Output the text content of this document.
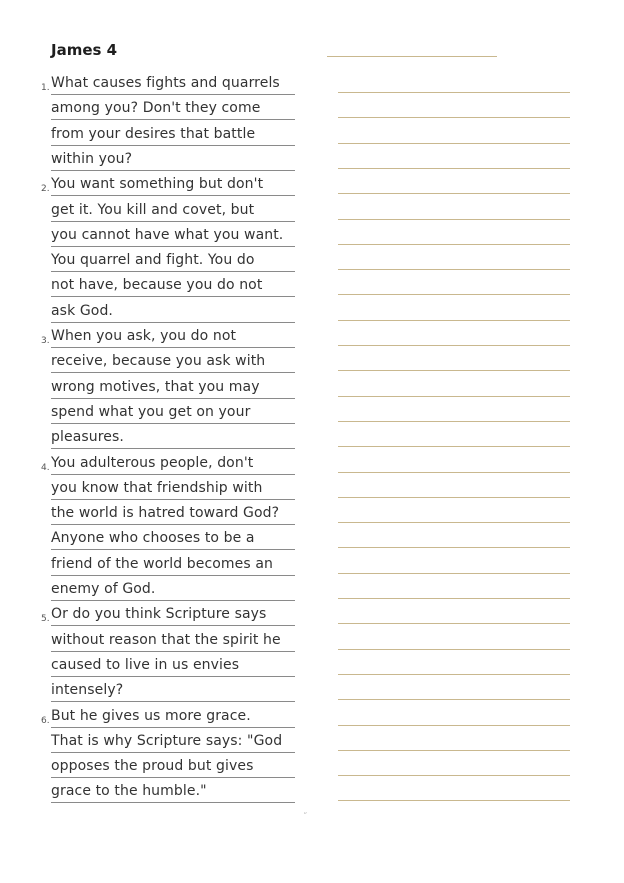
James 4
1. What causes fights and quarrels
among you? Don't they come
from your desires that battle
within you?
2. You want something but don't
get it. You kill and covet, but
you cannot have what you want.
You quarrel and fight. You do
not have, because you do not
ask God.
3. When you ask, you do not
receive, because you ask with
wrong motives, that you may
spend what you get on your
pleasures.
4. You adulterous people, don't
you know that friendship with
the world is hatred toward God?
Anyone who chooses to be a
friend of the world becomes an
enemy of God.
5. Or do you think Scripture says
without reason that the spirit he
caused to live in us envies
intensely?
6. But he gives us more grace.
That is why Scripture says: "God
opposes the proud but gives
grace to the humble."
′′
